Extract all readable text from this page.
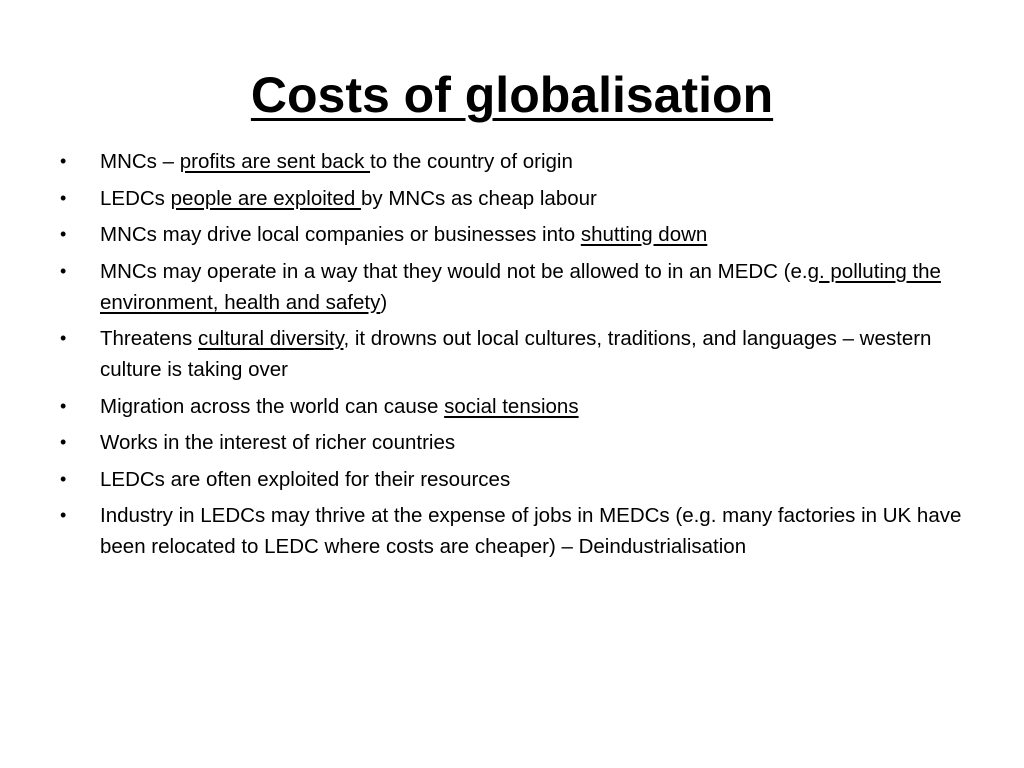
Costs of globalisation
•	MNCs – profits are sent back to the country of origin
•	LEDCs people are exploited by MNCs as cheap labour
•	MNCs may drive local companies or businesses into shutting down
•	MNCs may operate in a way that they would not be allowed to in an MEDC (e.g. polluting the environment, health and safety)
•	Threatens cultural diversity, it drowns out local cultures, traditions, and languages – western culture is taking over
•	Migration across the world can cause social tensions
•	Works in the interest of richer countries
•	LEDCs are often exploited for their resources
•	Industry in LEDCs may thrive at the expense of jobs in MEDCs (e.g. many factories in UK have been relocated to LEDC where costs are cheaper) – Deindustrialisation
